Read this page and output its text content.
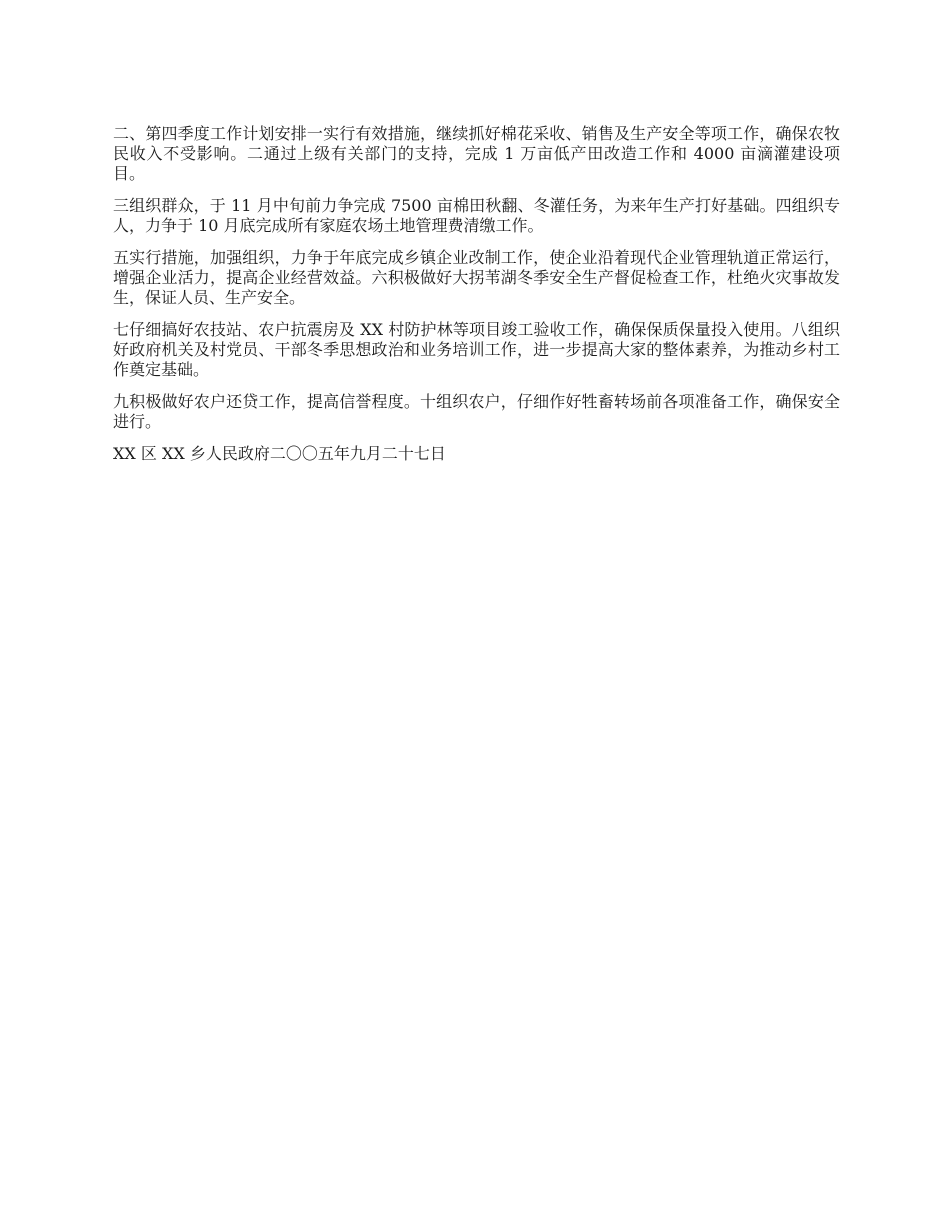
二、第四季度工作计划安排一实行有效措施，继续抓好棉花采收、销售及生产安全等项工作，确保农牧民收入不受影响。二通过上级有关部门的支持，完成 1 万亩低产田改造工作和 4000 亩滴灌建设项目。

三组织群众，于 11 月中旬前力争完成 7500 亩棉田秋翻、冬灌任务，为来年生产打好基础。四组织专人，力争于 10 月底完成所有家庭农场土地管理费清缴工作。

五实行措施，加强组织，力争于年底完成乡镇企业改制工作，使企业沿着现代企业管理轨道正常运行，增强企业活力，提高企业经营效益。六积极做好大拐苇湖冬季安全生产督促检查工作，杜绝火灾事故发生，保证人员、生产安全。

七仔细搞好农技站、农户抗震房及 XX 村防护林等项目竣工验收工作，确保保质保量投入使用。八组织好政府机关及村党员、干部冬季思想政治和业务培训工作，进一步提高大家的整体素养，为推动乡村工作奠定基础。

九积极做好农户还贷工作，提高信誉程度。十组织农户，仔细作好牲畜转场前各项准备工作，确保安全进行。

XX 区 XX 乡人民政府二〇〇五年九月二十七日
